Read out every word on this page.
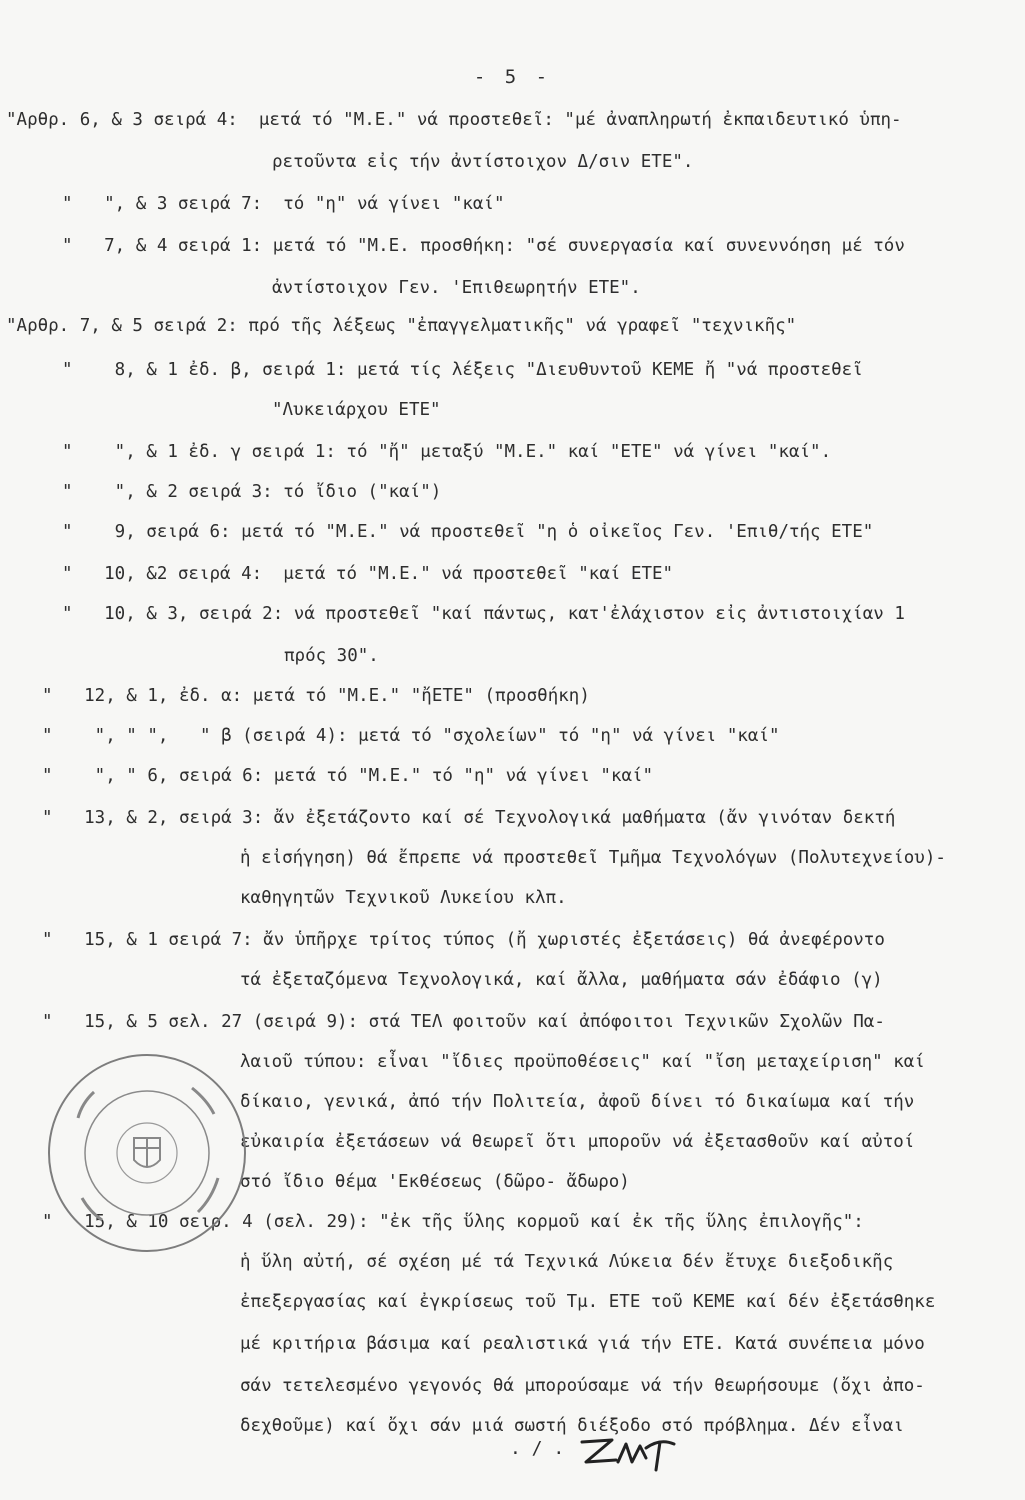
- 5 -
"Αρθρ. 6, & 3 σειρά 4:  μετά τό "Μ.Ε." νά προστεθεῖ: "μέ ἀναπληρωτή ἐκπαιδευτικό ὑπη-
ρετοῦντα εἰς τήν ἀντίστοιχον Δ/σιν ΕΤΕ".
"   ", & 3 σειρά 7:  τό "η" νά γίνει "καί"
"   7, & 4 σειρά 1: μετά τό "Μ.Ε. προσθήκη: "σέ συνεργασία καί συνεννόηση μέ τόν
ἀντίστοιχον Γεν. 'Επιθεωρητήν ΕΤΕ".
"Αρθρ. 7, & 5 σειρά 2: πρό τῆς λέξεως "ἐπαγγελματικῆς" νά γραφεῖ "τεχνικῆς"
"    8, & 1 ἐδ. β, σειρά 1: μετά τίς λέξεις "Διευθυντοῦ ΚΕΜΕ ἤ "νά προστεθεῖ
"Λυκειάρχου ΕΤΕ"
"    ", & 1 ἐδ. γ σειρά 1: τό "ἤ" μεταξύ "Μ.Ε." καί "ΕΤΕ" νά γίνει "καί".
"    ", & 2 σειρά 3: τό ἴδιο ("καί")
"    9, σειρά 6: μετά τό "Μ.Ε." νά προστεθεῖ "η ὁ οἰκεῖος Γεν. 'Επιθ/τής ΕΤΕ"
"   10, &2 σειρά 4:  μετά τό "Μ.Ε." νά προστεθεῖ "καί ΕΤΕ"
"   10, & 3, σειρά 2: νά προστεθεῖ "καί πάντως, κατ'ἐλάχιστον εἰς ἀντιστοιχίαν 1
πρός 30".
"   12, & 1, ἐδ. α: μετά τό "Μ.Ε." "ἤΕΤΕ" (προσθήκη)
"    ", " ",   " β (σειρά 4): μετά τό "σχολείων" τό "η" νά γίνει "καί"
"    ", " 6, σειρά 6: μετά τό "Μ.Ε." τό "η" νά γίνει "καί"
"   13, & 2, σειρά 3: ἄν ἐξετάζοντο καί σέ Τεχνολογικά μαθήματα (ἄν γινόταν δεκτή
ἡ εἰσήγηση) θά ἔπρεπε νά προστεθεῖ Τμῆμα Τεχνολόγων (Πολυτεχνείου)-
καθηγητῶν Τεχνικοῦ Λυκείου κλπ.
"   15, & 1 σειρά 7: ἄν ὑπῆρχε τρίτος τύπος (ἤ χωριστές ἐξετάσεις) θά ἀνεφέροντο
τά ἐξεταζόμενα Τεχνολογικά, καί ἄλλα, μαθήματα σάν ἐδάφιο (γ)
"   15, & 5 σελ. 27 (σειρά 9): στά ΤΕΛ φοιτοῦν καί ἀπόφοιτοι Τεχνικῶν Σχολῶν Πα-
λαιοῦ τύπου: εἶναι "ἴδιες προϋποθέσεις" καί "ἴση μεταχείριση" καί
δίκαιο, γενικά, ἀπό τήν Πολιτεία, ἀφοῦ δίνει τό δικαίωμα καί τήν
εὐκαιρία ἐξετάσεων νά θεωρεῖ ὅτι μποροῦν νά ἐξετασθοῦν καί αὐτοί
στό ἴδιο θέμα 'Εκθέσεως (δῶρο- ἄδωρο)
"   15, & 10 σειρ. 4 (σελ. 29): "ἐκ τῆς ὕλης κορμοῦ καί ἐκ τῆς ὕλης ἐπιλογῆς":
ἡ ὕλη αὐτή, σέ σχέση μέ τά Τεχνικά Λύκεια δέν ἔτυχε διεξοδικῆς
ἐπεξεργασίας καί ἐγκρίσεως τοῦ Τμ. ΕΤΕ τοῦ ΚΕΜΕ καί δέν ἐξετάσθηκε
μέ κριτήρια βάσιμα καί ρεαλιστικά γιά τήν ΕΤΕ. Κατά συνέπεια μόνο
σάν τετελεσμένο γεγονός θά μπορούσαμε νά τήν θεωρήσουμε (ὄχι ἀπο-
δεχθοῦμε) καί ὄχι σάν μιά σωστή διέξοδο στό πρόβλημα. Δέν εἶναι
. / .
